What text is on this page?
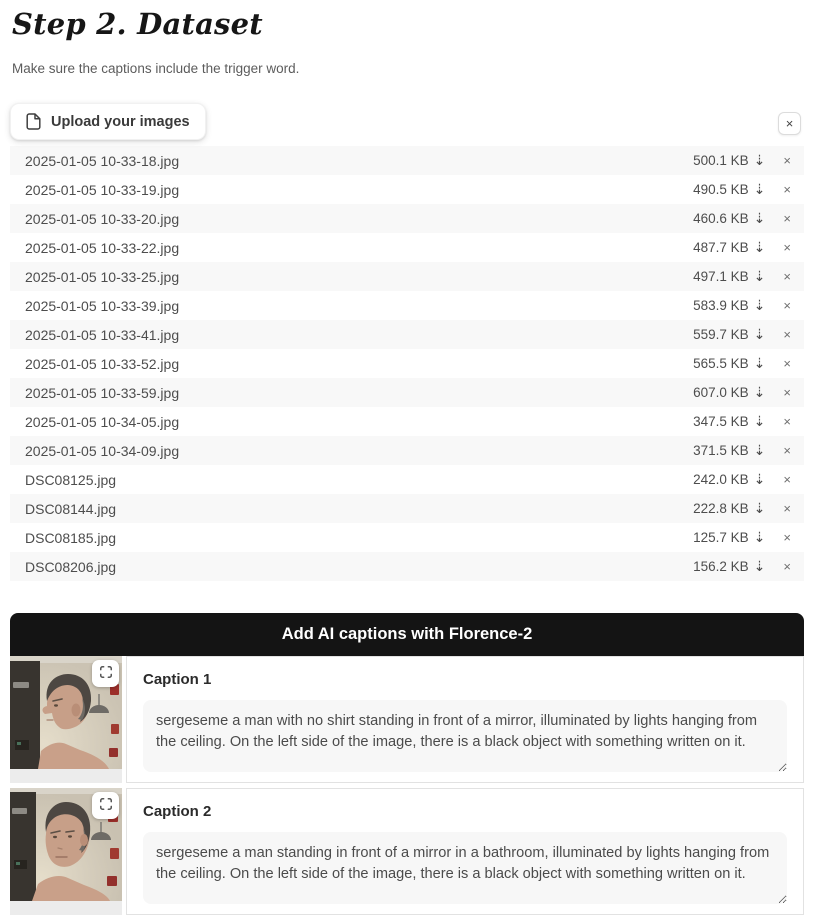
Step 2. Dataset

Make sure the captions include the trigger word.

Upload your images	×
2025-01-05 10-33-18.jpg	500.1 KB ⇣	×
2025-01-05 10-33-19.jpg	490.5 KB ⇣	×
2025-01-05 10-33-20.jpg	460.6 KB ⇣	×
2025-01-05 10-33-22.jpg	487.7 KB ⇣	×
2025-01-05 10-33-25.jpg	497.1 KB ⇣	×
2025-01-05 10-33-39.jpg	583.9 KB ⇣	×
2025-01-05 10-33-41.jpg	559.7 KB ⇣	×
2025-01-05 10-33-52.jpg	565.5 KB ⇣	×
2025-01-05 10-33-59.jpg	607.0 KB ⇣	×
2025-01-05 10-34-05.jpg	347.5 KB ⇣	×
2025-01-05 10-34-09.jpg	371.5 KB ⇣	×
DSC08125.jpg	242.0 KB ⇣	×
DSC08144.jpg	222.8 KB ⇣	×
DSC08185.jpg	125.7 KB ⇣	×
DSC08206.jpg	156.2 KB ⇣	×
Add AI captions with Florence-2
Caption 1
sergeseme a man with no shirt standing in front of a mirror, illuminated by lights hanging from the ceiling. On the left side of the image, there is a black object with something written on it.
Caption 2
sergeseme a man standing in front of a mirror in a bathroom, illuminated by lights hanging from the ceiling. On the left side of the image, there is a black object with something written on it.
